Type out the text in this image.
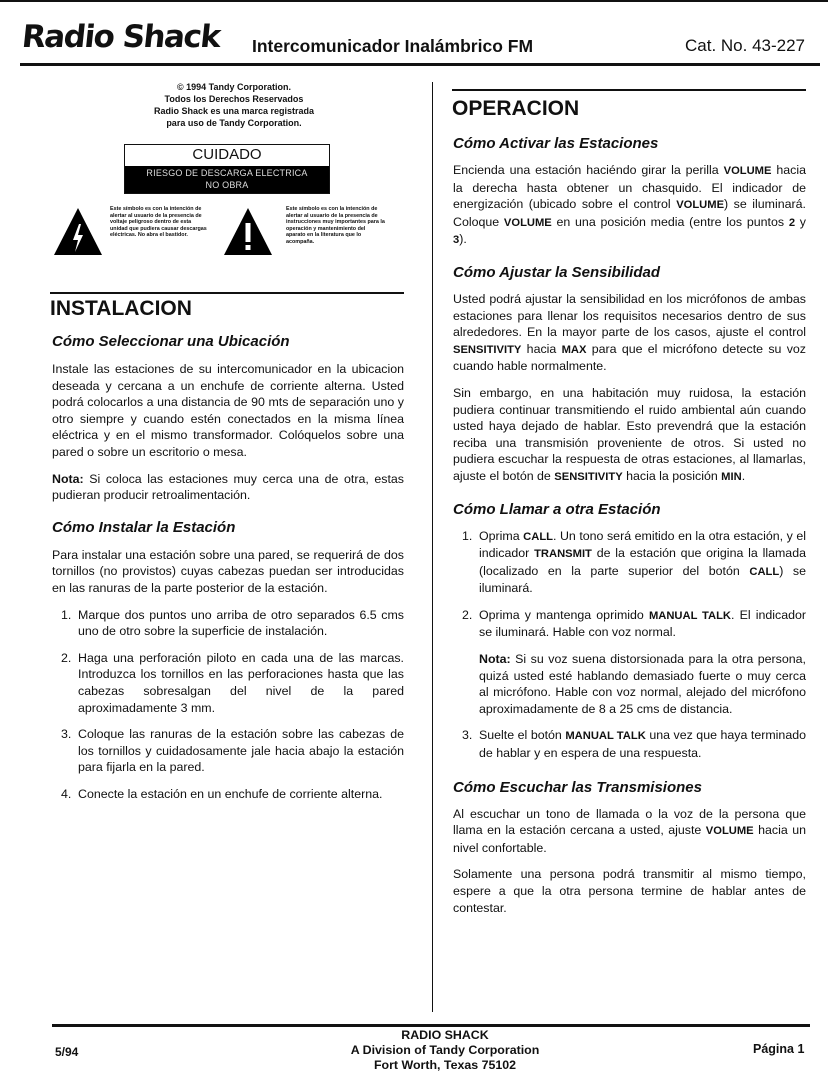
Radio Shack Intercomunicador Inalámbrico FM	Cat. No. 43-227
© 1994 Tandy Corporation.
Todos los Derechos Reservados
Radio Shack es una marca registrada
para uso de Tandy Corporation.
CUIDADO
RIESGO DE DESCARGA ELECTRICA
NO OBRA
Este símbolo es con la intención de alertar al usuario de la presencia de voltaje peligroso dentro de esta unidad que pudiera causar descargas eléctricas. No abra el bastidor.
Este símbolo es con la intención de alertar al usuario de la presencia de instrucciones muy importantes para la operación y mantenimiento del aparato en la literatura que lo acompaña.
INSTALACION
Cómo Seleccionar una Ubicación

Instale las estaciones de su intercomunicador en la ubicacion deseada y cercana a un enchufe de corriente alterna. Usted podrá colocarlos a una distancia de 90 mts de separación uno y otro siempre y cuando estén conectados en la misma línea eléctrica y en el mismo transformador. Colóquelos sobre una pared o sobre un escritorio o mesa.

Nota: Si coloca las estaciones muy cerca una de otra, estas pudieran producir retroalimentación.

Cómo Instalar la Estación

Para instalar una estación sobre una pared, se requerirá de dos tornillos (no provistos) cuyas cabezas puedan ser introducidas en las ranuras de la parte posterior de la estación.

1. Marque dos puntos uno arriba de otro separados 6.5 cms uno de otro sobre la superficie de instalación.
2. Haga una perforación piloto en cada una de las marcas. Introduzca los tornillos en las perforaciones hasta que las cabezas sobresalgan del nivel de la pared aproximadamente 3 mm.
3. Coloque las ranuras de la estación sobre las cabezas de los tornillos y cuidadosamente jale hacia abajo la estación para fijarla en la pared.
4. Conecte la estación en un enchufe de corriente alterna.
OPERACION
Cómo Activar las Estaciones

Encienda una estación haciéndo girar la perilla VOLUME hacia la derecha hasta obtener un chasquido. El indicador de energización (ubicado sobre el control VOLUME) se iluminará. Coloque VOLUME en una posición media (entre los puntos 2 y 3).

Cómo Ajustar la Sensibilidad

Usted podrá ajustar la sensibilidad en los micrófonos de ambas estaciones para llenar los requisitos necesarios dentro de sus alrededores. En la mayor parte de los casos, ajuste el control SENSITIVITY hacia MAX para que el micrófono detecte su voz cuando hable normalmente.

Sin embargo, en una habitación muy ruidosa, la estación pudiera continuar transmitiendo el ruido ambiental aún cuando usted haya dejado de hablar. Esto prevendrá que la estación reciba una transmisión proveniente de otros. Si usted no pudiera escuchar la respuesta de otras estaciones, al llamarlas, ajuste el botón de SENSITIVITY hacia la posición MIN.

Cómo Llamar a otra Estación
1. Oprima CALL. Un tono será emitido en la otra estación, y el indicador TRANSMIT de la estación que origina la llamada (localizado en la parte superior del botón CALL) se iluminará.
2. Oprima y mantenga oprimido MANUAL TALK. El indicador se iluminará. Hable con voz normal.
Nota: Si su voz suena distorsionada para la otra persona, quizá usted esté hablando demasiado fuerte o muy cerca al micrófono. Hable con voz normal, alejado del micrófono aproximadamente de 8 a 25 cms de distancia.
3. Suelte el botón MANUAL TALK una vez que haya terminado de hablar y en espera de una respuesta.
Cómo Escuchar las Transmisiones

Al escuchar un tono de llamada o la voz de la persona que llama en la estación cercana a usted, ajuste VOLUME hacia un nivel confortable.

Solamente una persona podrá transmitir al mismo tiempo, espere a que la otra persona termine de hablar antes de contestar.

5/94
RADIO SHACK
A Division of Tandy Corporation
Fort Worth, Texas 75102
Página 1
